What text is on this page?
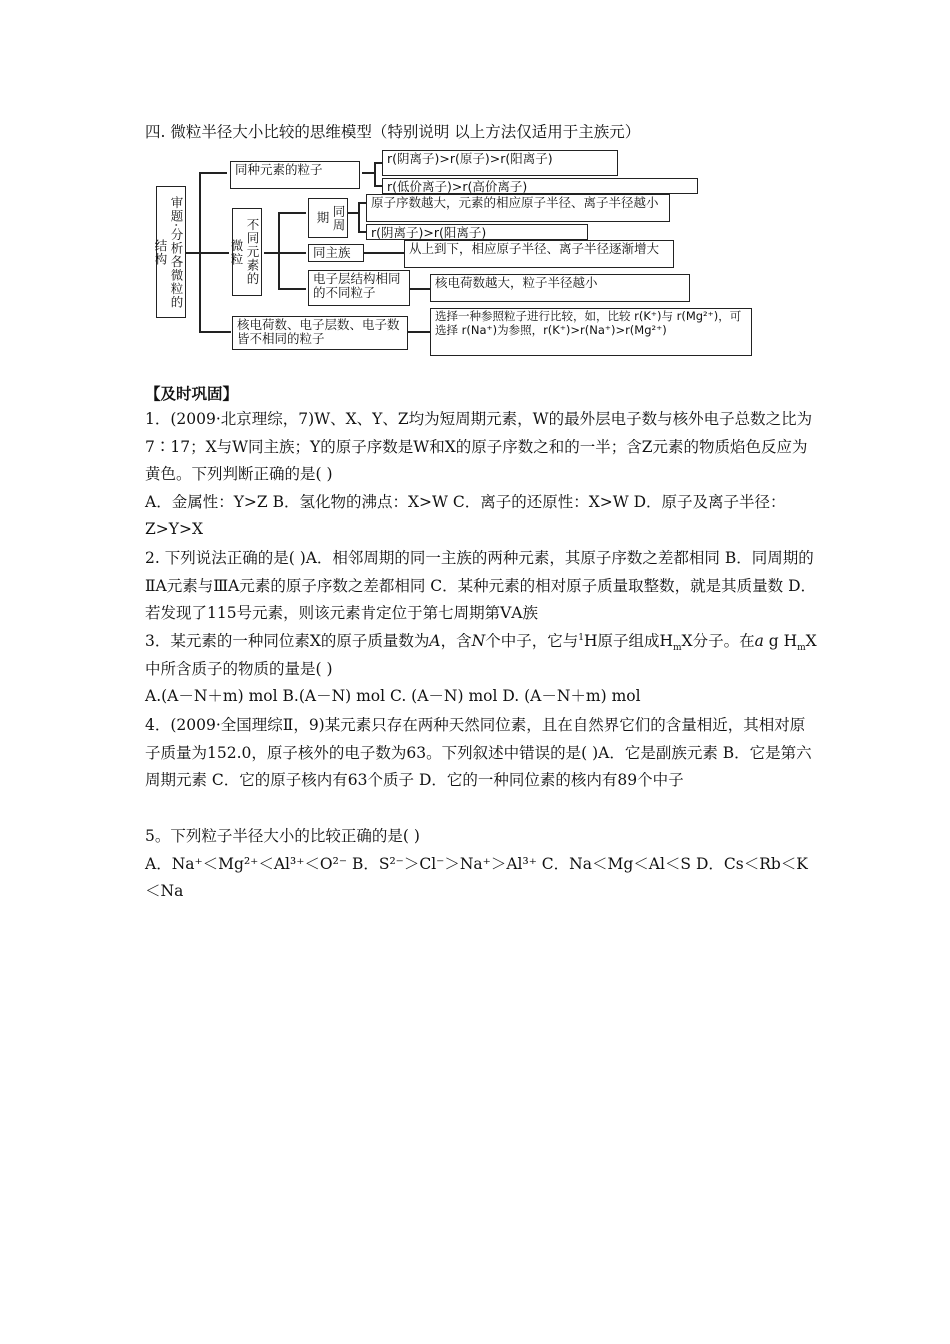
四. 微粒半径大小比较的思维模型（特别说明 以上方法仅适用于主族元）
审题·分析各微粒的结构
同种元素的粒子
r(阴离子)>r(原子)>r(阳离子)
r(低价离子)>r(高价离子)
不同元素的微粒
同周期
原子序数越大，元素的相应原子半径、离子半径越小
r(阴离子)>r(阳离子)
同主族	从上到下，相应原子半径、离子半径逐渐增大
电子层结构相同的不同粒子
核电荷数越大，粒子半径越小
核电荷数、电子层数、电子数皆不相同的粒子
选择一种参照粒子进行比较，如，比较 r(K⁺)与 r(Mg²⁺)，可选择 r(Na⁺)为参照，r(K⁺)>r(Na⁺)>r(Mg²⁺)
【及时巩固】
1．(2009·北京理综，7)W、X、Y、Z均为短周期元素，W的最外层电子数与核外电子总数之比为7∶17；X与W同主族；Y的原子序数是W和X的原子序数之和的一半；含Z元素的物质焰色反应为黄色。下列判断正确的是( )
A．金属性：Y>Z B．氢化物的沸点：X>W C．离子的还原性：X>W D．原子及离子半径：Z>Y>X
2. 下列说法正确的是( )A．相邻周期的同一主族的两种元素，其原子序数之差都相同 B．同周期的ⅡA元素与ⅢA元素的原子序数之差都相同 C．某种元素的相对原子质量取整数，就是其质量数 D．若发现了115号元素，则该元素肯定位于第七周期第ⅤA族
3．某元素的一种同位素X的原子质量数为A，含N个中子，它与$^1$H原子组成$H_mX$分子。在a g $H_mX$中所含质子的物质的量是( )
A.(A－N＋m) mol B.(A－N) mol C. (A－N) mol D. (A－N＋m) mol
4．(2009·全国理综Ⅱ，9)某元素只存在两种天然同位素，且在自然界它们的含量相近，其相对原子质量为152.0，原子核外的电子数为63。下列叙述中错误的是( )A．它是副族元素 B．它是第六周期元素 C．它的原子核内有63个质子 D．它的一种同位素的核内有89个中子
5。下列粒子半径大小的比较正确的是( )
A．Na⁺＜Mg²⁺＜Al³⁺＜O²⁻ B．S²⁻＞Cl⁻＞Na⁺＞Al³⁺ C．Na＜Mg＜Al＜S D．Cs＜Rb＜K＜Na
